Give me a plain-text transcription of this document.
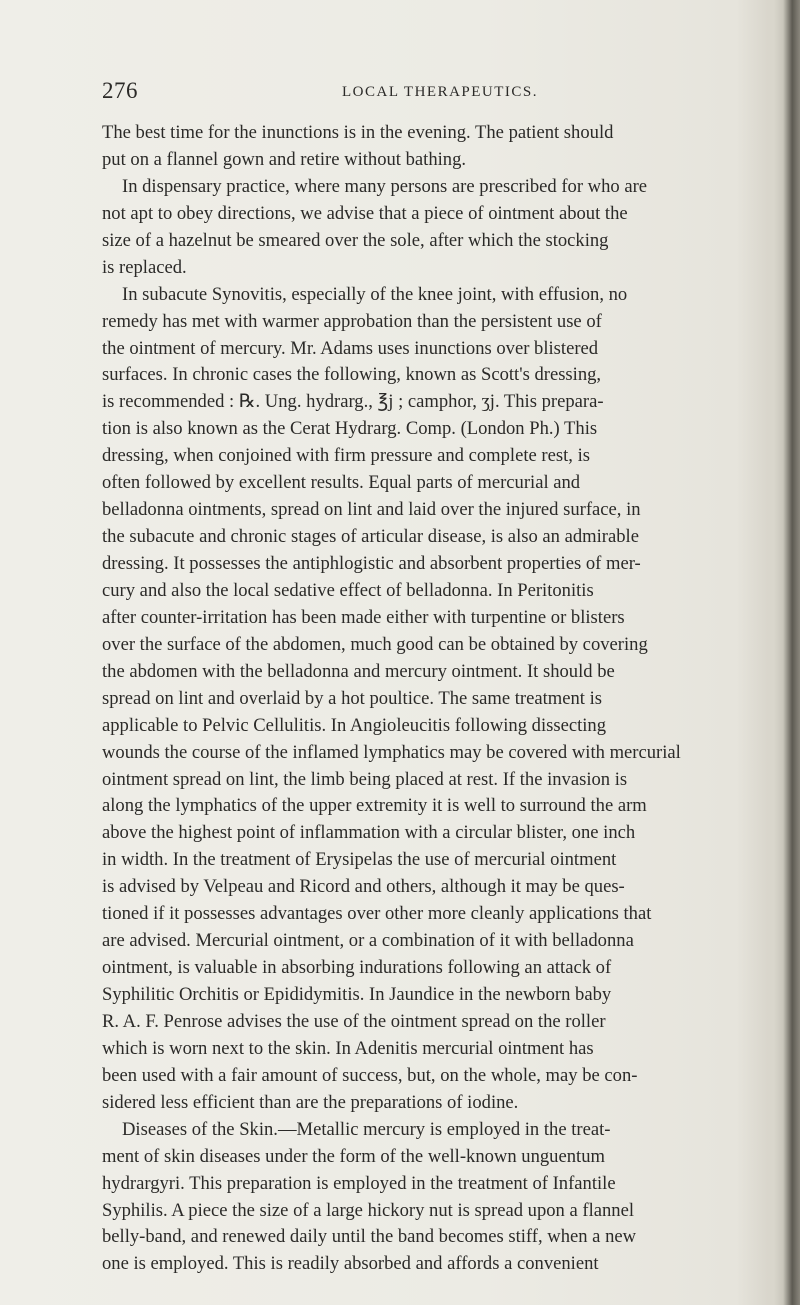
276	LOCAL THERAPEUTICS.
The best time for the inunctions is in the evening. The patient should
put on a flannel gown and retire without bathing.
In dispensary practice, where many persons are prescribed for who are
not apt to obey directions, we advise that a piece of ointment about the
size of a hazelnut be smeared over the sole, after which the stocking
is replaced.
In subacute Synovitis, especially of the knee joint, with effusion, no
remedy has met with warmer approbation than the persistent use of
the ointment of mercury. Mr. Adams uses inunctions over blistered
surfaces. In chronic cases the following, known as Scott's dressing,
is recommended : ℞. Ung. hydrarg., ℥j ; camphor, ʒj. This prepara-
tion is also known as the Cerat Hydrarg. Comp. (London Ph.) This
dressing, when conjoined with firm pressure and complete rest, is
often followed by excellent results. Equal parts of mercurial and
belladonna ointments, spread on lint and laid over the injured surface, in
the subacute and chronic stages of articular disease, is also an admirable
dressing. It possesses the antiphlogistic and absorbent properties of mer-
cury and also the local sedative effect of belladonna. In Peritonitis
after counter-irritation has been made either with turpentine or blisters
over the surface of the abdomen, much good can be obtained by covering
the abdomen with the belladonna and mercury ointment. It should be
spread on lint and overlaid by a hot poultice. The same treatment is
applicable to Pelvic Cellulitis. In Angioleucitis following dissecting
wounds the course of the inflamed lymphatics may be covered with mercurial
ointment spread on lint, the limb being placed at rest. If the invasion is
along the lymphatics of the upper extremity it is well to surround the arm
above the highest point of inflammation with a circular blister, one inch
in width. In the treatment of Erysipelas the use of mercurial ointment
is advised by Velpeau and Ricord and others, although it may be ques-
tioned if it possesses advantages over other more cleanly applications that
are advised. Mercurial ointment, or a combination of it with belladonna
ointment, is valuable in absorbing indurations following an attack of
Syphilitic Orchitis or Epididymitis. In Jaundice in the newborn baby
R. A. F. Penrose advises the use of the ointment spread on the roller
which is worn next to the skin. In Adenitis mercurial ointment has
been used with a fair amount of success, but, on the whole, may be con-
sidered less efficient than are the preparations of iodine.
Diseases of the Skin.—Metallic mercury is employed in the treat-
ment of skin diseases under the form of the well-known unguentum
hydrargyri. This preparation is employed in the treatment of Infantile
Syphilis. A piece the size of a large hickory nut is spread upon a flannel
belly-band, and renewed daily until the band becomes stiff, when a new
one is employed. This is readily absorbed and affords a convenient
